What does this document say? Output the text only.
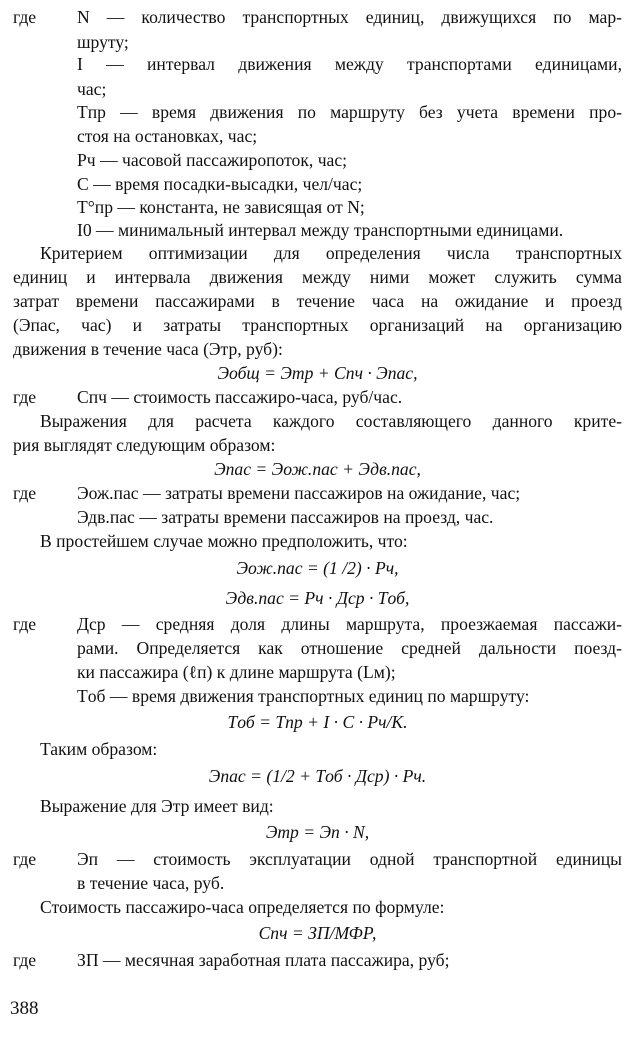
где N — количество транспортных единиц, движущихся по мар-

шруту;

I — интервал движения между транспортами единицами,

час;

Tпр — время движения по маршруту без учета времени про-

стоя на остановках, час;

Pч — часовой пассажиропоток, час;

C — время посадки-высадки, чел/час;

T°пр — константа, не зависящая от N;

I0 — минимальный интервал между транспортными единицами.

Критерием оптимизации для определения числа транспортных

единиц и интервала движения между ними может служить сумма

затрат времени пассажирами в течение часа на ожидание и проезд

(Эпас, час) и затраты транспортных организаций на организацию

движения в течение часа (Этр, руб):

Эобщ = Этр + Cпч · Эпас,

где Cпч — стоимость пассажиро-часа, руб/час.

Выражения для расчета каждого составляющего данного крите-

рия выглядят следующим образом:

Эпас = Эож.пас + Эдв.пас,

где Эож.пас — затраты времени пассажиров на ожидание, час;

Эдв.пас — затраты времени пассажиров на проезд, час.

В простейшем случае можно предположить, что:

Эож.пас = (1 /2) · Pч,

Эдв.пас = Pч · Дср · Tоб,

где Дср — средняя доля длины маршрута, проезжаемая пассажи-

рами. Определяется как отношение средней дальности поезд-

ки пассажира (ℓп) к длине маршрута (Lм);

Tоб — время движения транспортных единиц по маршруту:

Tоб = Tпр + I · C · Pч/K.

Таким образом:

Эпас = (1/2 + Tоб · Дср) · Pч.

Выражение для Этр имеет вид:

Этр = Эп · N,

где Эп — стоимость эксплуатации одной транспортной единицы

в течение часа, руб.

Стоимость пассажиро-часа определяется по формуле:

Cпч = ЗП/МФР,

где ЗП — месячная заработная плата пассажира, руб;
388
